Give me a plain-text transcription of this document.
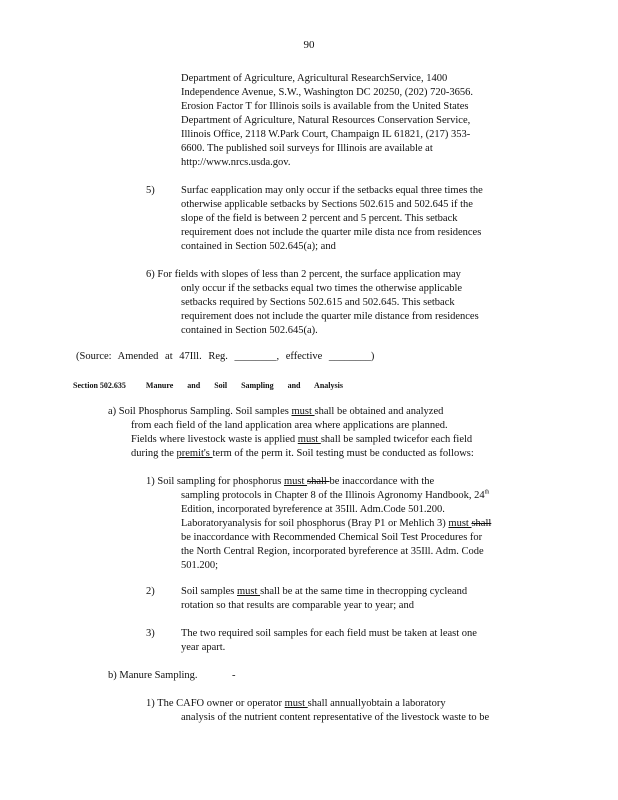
90
Department of Agriculture, Agricultural ResearchService, 1400
Independence Avenue, S.W., Washington DC 20250, (202) 720-3656.
Erosion Factor T for Illinois soils is available from the United States
Department of Agriculture, Natural Resources Conservation Service,
Illinois Office, 2118 W.Park Court, Champaign IL 61821, (217) 353-
6600. The published soil surveys for Illinois are available at
http://www.nrcs.usda.gov.
5)	Surfac eapplication may only occur if the setbacks equal three times the
otherwise applicable setbacks by Sections 502.615 and 502.645 if the
slope of the field is between 2 percent and 5 percent. This setback
requirement does not include the quarter mile dista nce from residences
contained in Section 502.645(a); and
6) For fields with slopes of less than 2 percent, the surface application may
only occur if the setbacks equal two times the otherwise applicable
setbacks required by Sections 502.615 and 502.645. This setback
requirement does not include the quarter mile distance from residences
contained in Section 502.645(a).
(Source: Amended at 47Ill. Reg. ________, effective ________)
Section 502.635	Manure and Soil Sampling and Analysis
a) Soil Phosphorus Sampling. Soil samples must shall be obtained and analyzed
from each field of the land application area where applications are planned.
Fields where livestock waste is applied must shall be sampled twicefor each field
during the premit's term of the perm it. Soil testing must be conducted as follows:
1) Soil sampling for phosphorus must shall be inaccordance with the
sampling protocols in Chapter 8 of the Illinois Agronomy Handbook, 24th
Edition, incorporated byreference at 35Ill. Adm.Code 501.200.
Laboratoryanalysis for soil phosphorus (Bray P1 or Mehlich 3) must shall
be inaccordance with Recommended Chemical Soil Test Procedures for
the North Central Region, incorporated byreference at 35Ill. Adm. Code
501.200;
2)	Soil samples must shall be at the same time in thecropping cycleand
rotation so that results are comparable year to year; and
3)	The two required soil samples for each field must be taken at least one
year apart.
b) Manure Sampling.	-
1) The CAFO owner or operator must shall annuallyobtain a laboratory
analysis of the nutrient content representative of the livestock waste to be
